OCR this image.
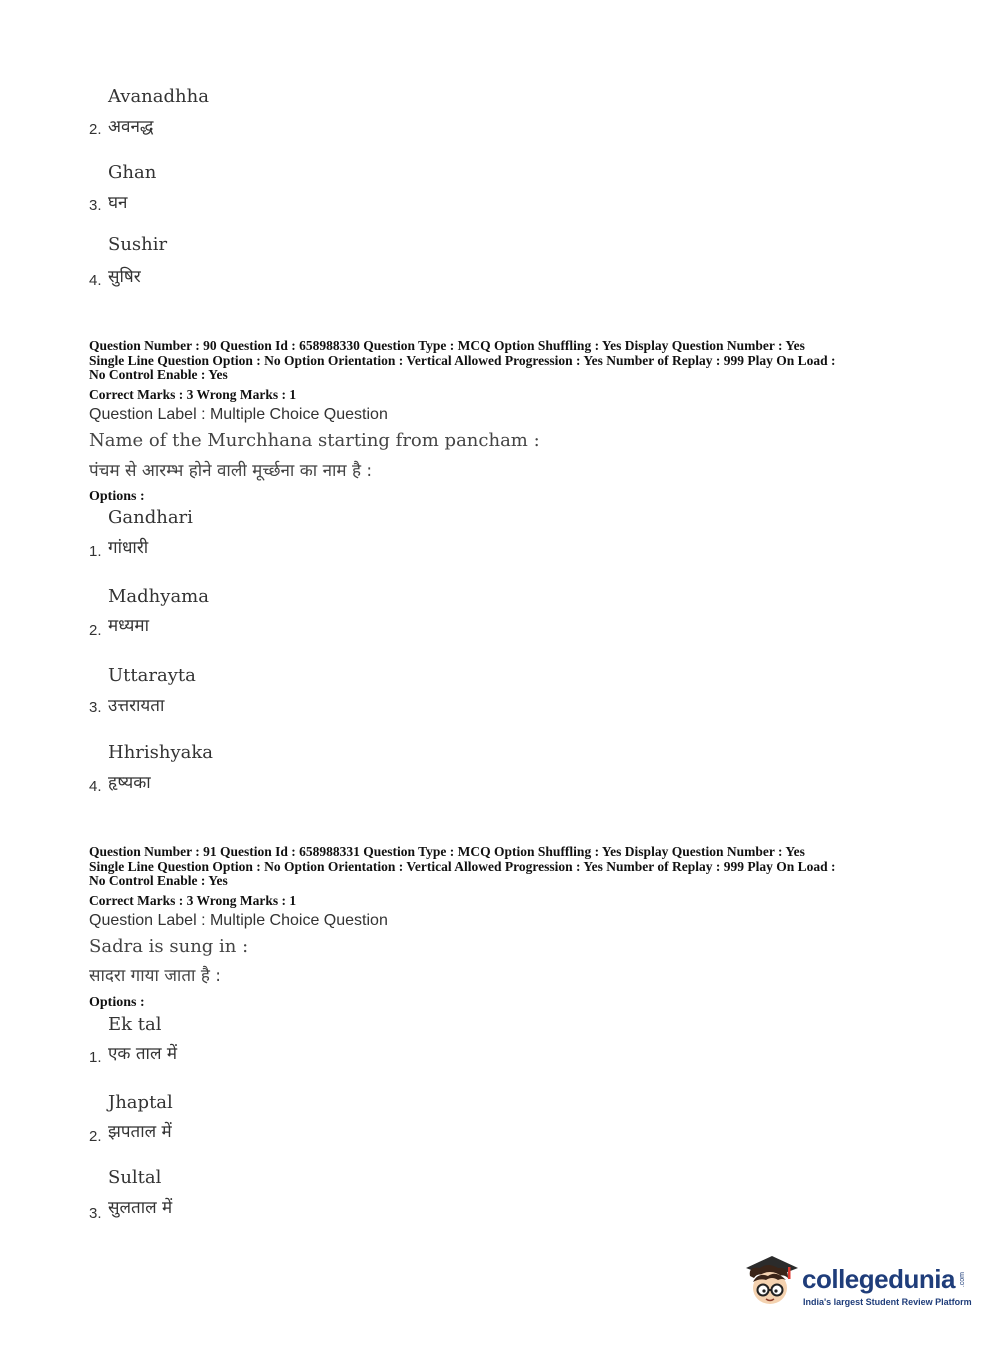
Avanadhha
2. अवनद्ध
Ghan
3. घन
Sushir
4. सुषिर
Question Number : 90 Question Id : 658988330 Question Type : MCQ Option Shuffling : Yes Display Question Number : Yes
Single Line Question Option : No Option Orientation : Vertical Allowed Progression : Yes Number of Replay : 999 Play On Load :
No Control Enable : Yes
Correct Marks : 3 Wrong Marks : 1
Question Label : Multiple Choice Question
Name of the Murchhana starting from pancham :
पंचम से आरम्भ होने वाली मूर्च्छना का नाम है :
Options :
Gandhari
1. गांधारी
Madhyama
2. मध्यमा
Uttarayta
3. उत्तरायता
Hhrishyaka
4. हृष्यका
Question Number : 91 Question Id : 658988331 Question Type : MCQ Option Shuffling : Yes Display Question Number : Yes
Single Line Question Option : No Option Orientation : Vertical Allowed Progression : Yes Number of Replay : 999 Play On Load :
No Control Enable : Yes
Correct Marks : 3 Wrong Marks : 1
Question Label : Multiple Choice Question
Sadra is sung in :
सादरा गाया जाता है :
Options :
Ek tal
1. एक ताल में
Jhaptal
2. झपताल में
Sultal
3. सुलताल में
collegedunia .com
India's largest Student Review Platform
